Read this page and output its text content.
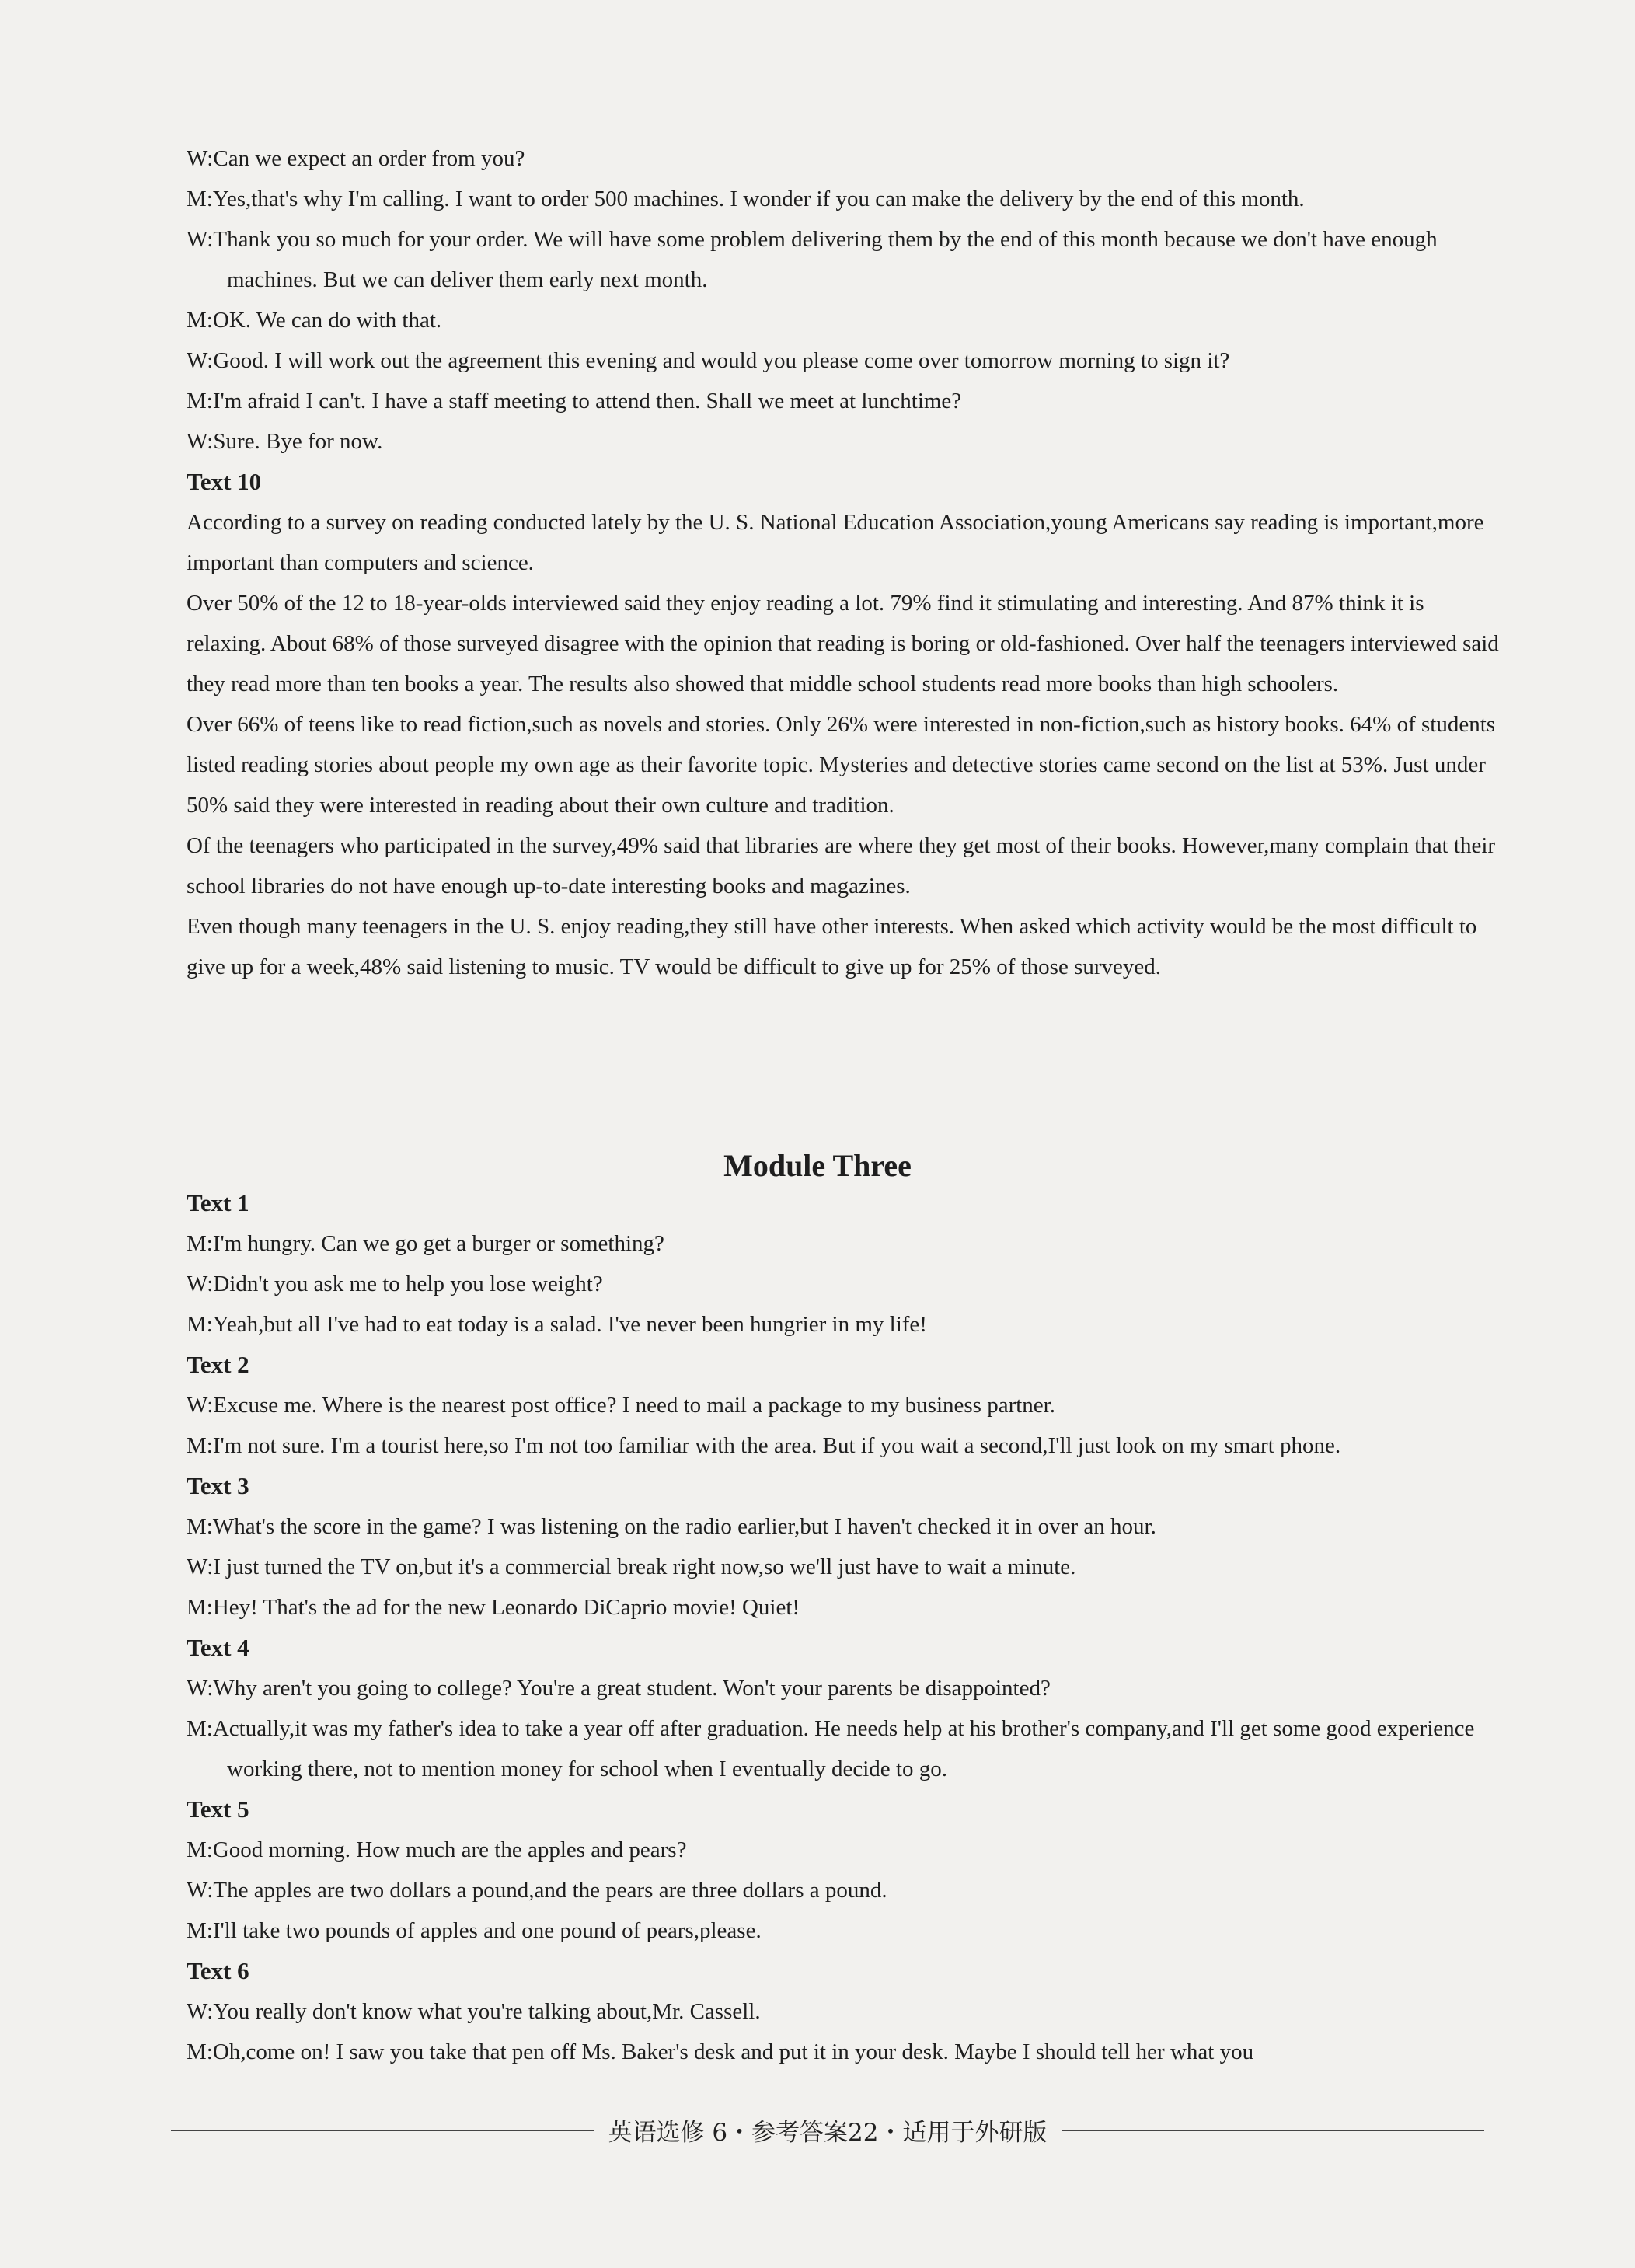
W:Can we expect an order from you?

M:Yes,that's why I'm calling. I want to order 500 machines. I wonder if you can make the delivery by the end of this month.

W:Thank you so much for your order. We will have some problem delivering them by the end of this month because we don't have enough machines. But we can deliver them early next month.

M:OK. We can do with that.

W:Good. I will work out the agreement this evening and would you please come over tomorrow morning to sign it?

M:I'm afraid I can't. I have a staff meeting to attend then. Shall we meet at lunchtime?

W:Sure. Bye for now.

Text 10

According to a survey on reading conducted lately by the U. S. National Education Association,young Americans say reading is important,more important than computers and science.

Over 50% of the 12 to 18-year-olds interviewed said they enjoy reading a lot. 79% find it stimulating and interesting. And 87% think it is relaxing. About 68% of those surveyed disagree with the opinion that reading is boring or old-fashioned. Over half the teenagers interviewed said they read more than ten books a year. The results also showed that middle school students read more books than high schoolers.

Over 66% of teens like to read fiction,such as novels and stories. Only 26% were interested in non-fiction,such as history books. 64% of students listed reading stories about people my own age as their favorite topic. Mysteries and detective stories came second on the list at 53%. Just under 50% said they were interested in reading about their own culture and tradition.

Of the teenagers who participated in the survey,49% said that libraries are where they get most of their books. However,many complain that their school libraries do not have enough up-to-date interesting books and magazines.

Even though many teenagers in the U. S. enjoy reading,they still have other interests. When asked which activity would be the most difficult to give up for a week,48% said listening to music. TV would be difficult to give up for 25% of those surveyed.

Module Three

Text 1

M:I'm hungry. Can we go get a burger or something?

W:Didn't you ask me to help you lose weight?

M:Yeah,but all I've had to eat today is a salad. I've never been hungrier in my life!

Text 2

W:Excuse me. Where is the nearest post office? I need to mail a package to my business partner.

M:I'm not sure. I'm a tourist here,so I'm not too familiar with the area. But if you wait a second,I'll just look on my smart phone.

Text 3

M:What's the score in the game? I was listening on the radio earlier,but I haven't checked it in over an hour.

W:I just turned the TV on,but it's a commercial break right now,so we'll just have to wait a minute.

M:Hey! That's the ad for the new Leonardo DiCaprio movie! Quiet!

Text 4

W:Why aren't you going to college? You're a great student. Won't your parents be disappointed?

M:Actually,it was my father's idea to take a year off after graduation. He needs help at his brother's company,and I'll get some good experience working there, not to mention money for school when I eventually decide to go.

Text 5

M:Good morning. How much are the apples and pears?

W:The apples are two dollars a pound,and the pears are three dollars a pound.

M:I'll take two pounds of apples and one pound of pears,please.

Text 6

W:You really don't know what you're talking about,Mr. Cassell.

M:Oh,come on! I saw you take that pen off Ms. Baker's desk and put it in your desk. Maybe I should tell her what you

英语选修 6・参考答案22・适用于外研版
